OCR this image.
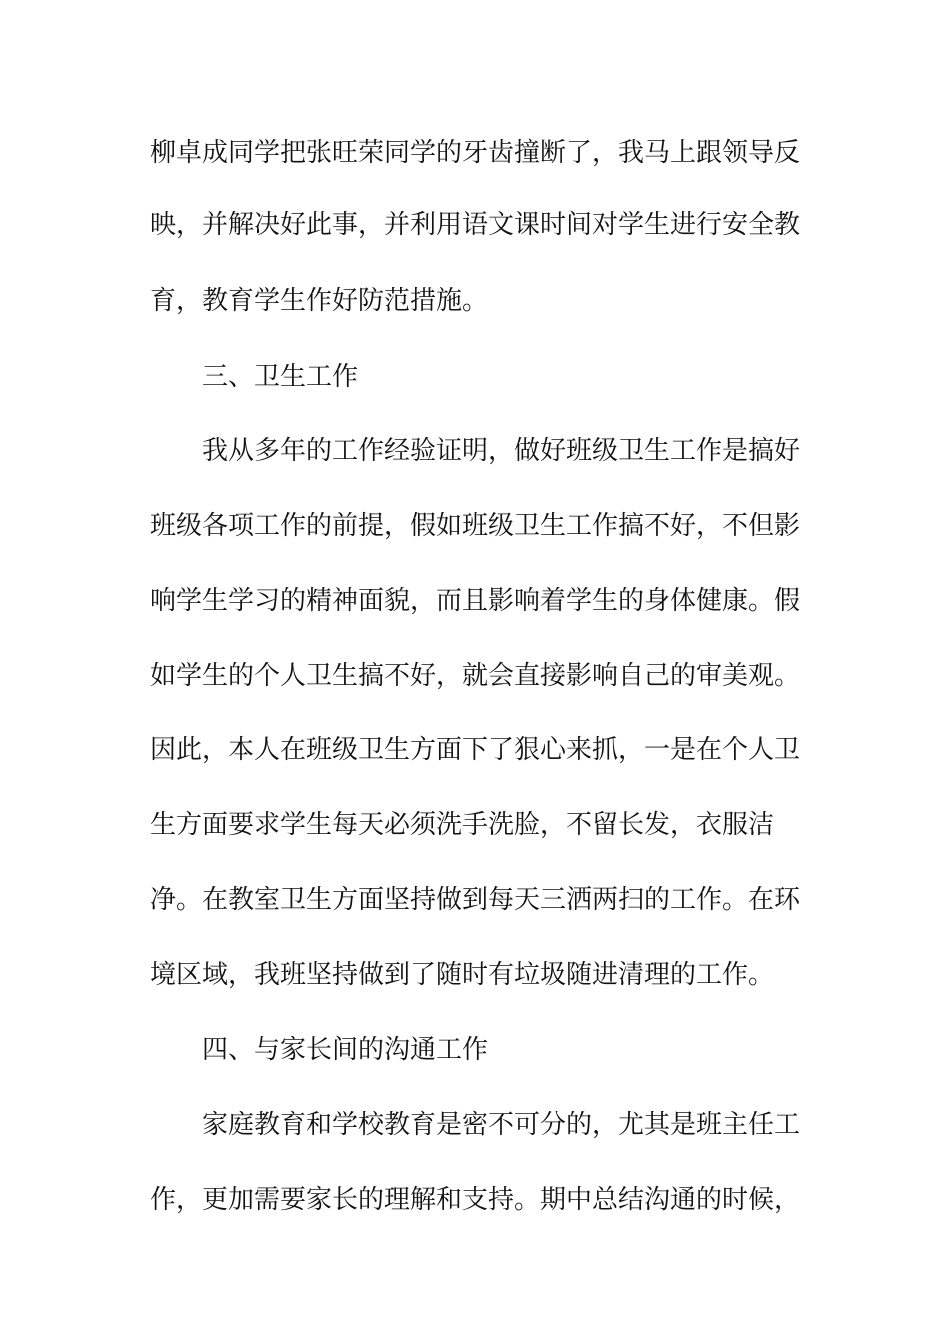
柳卓成同学把张旺荣同学的牙齿撞断了，我马上跟领导反
映，并解决好此事，并利用语文课时间对学生进行安全教
育，教育学生作好防范措施。
三、卫生工作
我从多年的工作经验证明，做好班级卫生工作是搞好
班级各项工作的前提，假如班级卫生工作搞不好，不但影
响学生学习的精神面貌，而且影响着学生的身体健康。假
如学生的个人卫生搞不好，就会直接影响自己的审美观。
因此，本人在班级卫生方面下了狠心来抓，一是在个人卫
生方面要求学生每天必须洗手洗脸，不留长发，衣服洁
净。在教室卫生方面坚持做到每天三洒两扫的工作。在环
境区域，我班坚持做到了随时有垃圾随进清理的工作。
四、与家长间的沟通工作
家庭教育和学校教育是密不可分的，尤其是班主任工
作，更加需要家长的理解和支持。期中总结沟通的时候，
